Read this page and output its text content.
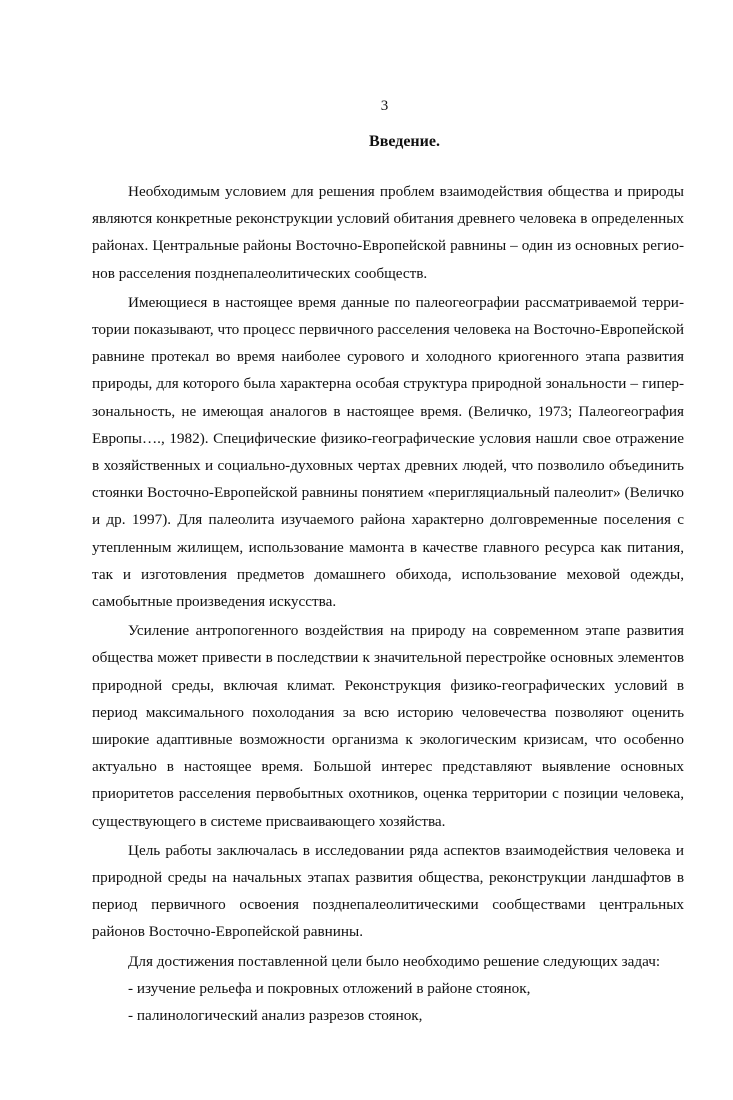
3
Введение.

Необходимым условием для решения проблем взаимодействия общества и природы являются конкретные реконструкции условий обитания древнего человека в определенных районах. Центральные районы Восточно-Европейской равнины – один из основных регионов расселения позднепалеолитических сообществ.

Имеющиеся в настоящее время данные по палеогеографии рассматриваемой территории показывают, что процесс первичного расселения человека на Восточно-Европейской равнине протекал во время наиболее сурового и холодного криогенного этапа развития природы, для которого была характерна особая структура природной зональности – гиперзональность, не имеющая аналогов в настоящее время. (Величко, 1973; Палеогеография Европы…., 1982). Специфические физико-географические условия нашли свое отражение в хозяйственных и социально-духовных чертах древних людей, что позволило объединить стоянки Восточно-Европейской равнины понятием «перигляциальный палеолит» (Величко и др. 1997). Для палеолита изучаемого района характерно долговременные поселения с утепленным жилищем, использование мамонта в качестве главного ресурса как питания, так и изготовления предметов домашнего обихода, использование меховой одежды, самобытные произведения искусства.

Усиление антропогенного воздействия на природу на современном этапе развития общества может привести в последствии к значительной перестройке основных элементов природной среды, включая климат. Реконструкция физико-географических условий в период максимального похолодания за всю историю человечества позволяют оценить широкие адаптивные возможности организма к экологическим кризисам, что особенно актуально в настоящее время. Большой интерес представляют выявление основных приоритетов расселения первобытных охотников, оценка территории с позиции человека, существующего в системе присваивающего хозяйства.

Цель работы заключалась в исследовании ряда аспектов взаимодействия человека и природной среды на начальных этапах развития общества, реконструкции ландшафтов в период первичного освоения позднепалеолитическими сообществами центральных районов Восточно-Европейской равнины.

Для достижения поставленной цели было необходимо решение следующих задач:

- изучение рельефа и покровных отложений в районе стоянок,

- палинологический анализ разрезов стоянок,
